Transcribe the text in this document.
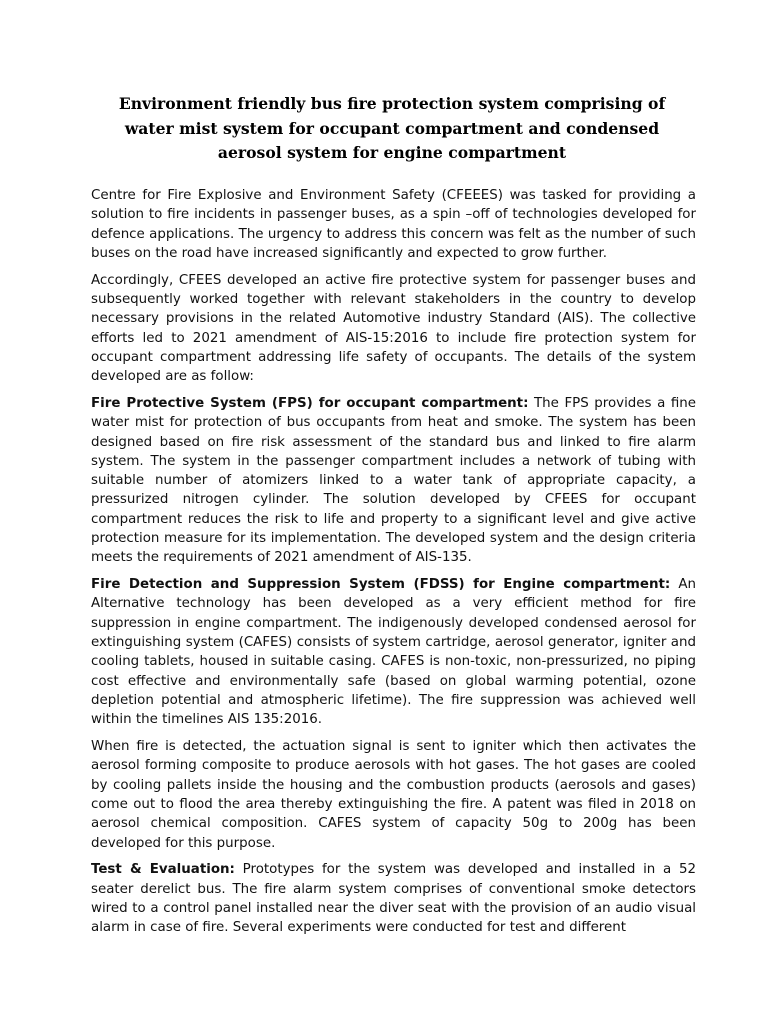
Environment friendly bus fire protection system comprising of water mist system for occupant compartment and condensed aerosol system for engine compartment

Centre for Fire Explosive and Environment Safety (CFEEES) was tasked for providing a solution to fire incidents in passenger buses, as a spin –off of technologies developed for defence applications. The urgency to address this concern was felt as the number of such buses on the road have increased significantly and expected to grow further.

Accordingly, CFEES developed an active fire protective system for passenger buses and subsequently worked together with relevant stakeholders in the country to develop necessary provisions in the related Automotive industry Standard (AIS). The collective efforts led to 2021 amendment of AIS-15:2016 to include fire protection system for occupant compartment addressing life safety of occupants. The details of the system developed are as follow:

Fire Protective System (FPS) for occupant compartment: The FPS provides a fine water mist for protection of bus occupants from heat and smoke. The system has been designed based on fire risk assessment of the standard bus and linked to fire alarm system. The system in the passenger compartment includes a network of tubing with suitable number of atomizers linked to a water tank of appropriate capacity, a pressurized nitrogen cylinder. The solution developed by CFEES for occupant compartment reduces the risk to life and property to a significant level and give active protection measure for its implementation. The developed system and the design criteria meets the requirements of 2021 amendment of AIS-135.

Fire Detection and Suppression System (FDSS) for Engine compartment: An Alternative technology has been developed as a very efficient method for fire suppression in engine compartment. The indigenously developed condensed aerosol for extinguishing system (CAFES) consists of system cartridge, aerosol generator, igniter and cooling tablets, housed in suitable casing. CAFES is non-toxic, non-pressurized, no piping cost effective and environmentally safe (based on global warming potential, ozone depletion potential and atmospheric lifetime). The fire suppression was achieved well within the timelines AIS 135:2016.

When fire is detected, the actuation signal is sent to igniter which then activates the aerosol forming composite to produce aerosols with hot gases. The hot gases are cooled by cooling pallets inside the housing and the combustion products (aerosols and gases) come out to flood the area thereby extinguishing the fire. A patent was filed in 2018 on aerosol chemical composition. CAFES system of capacity 50g to 200g has been developed for this purpose.

Test & Evaluation: Prototypes for the system was developed and installed in a 52 seater derelict bus. The fire alarm system comprises of conventional smoke detectors wired to a control panel installed near the diver seat with the provision of an audio visual alarm in case of fire. Several experiments were conducted for test and different
